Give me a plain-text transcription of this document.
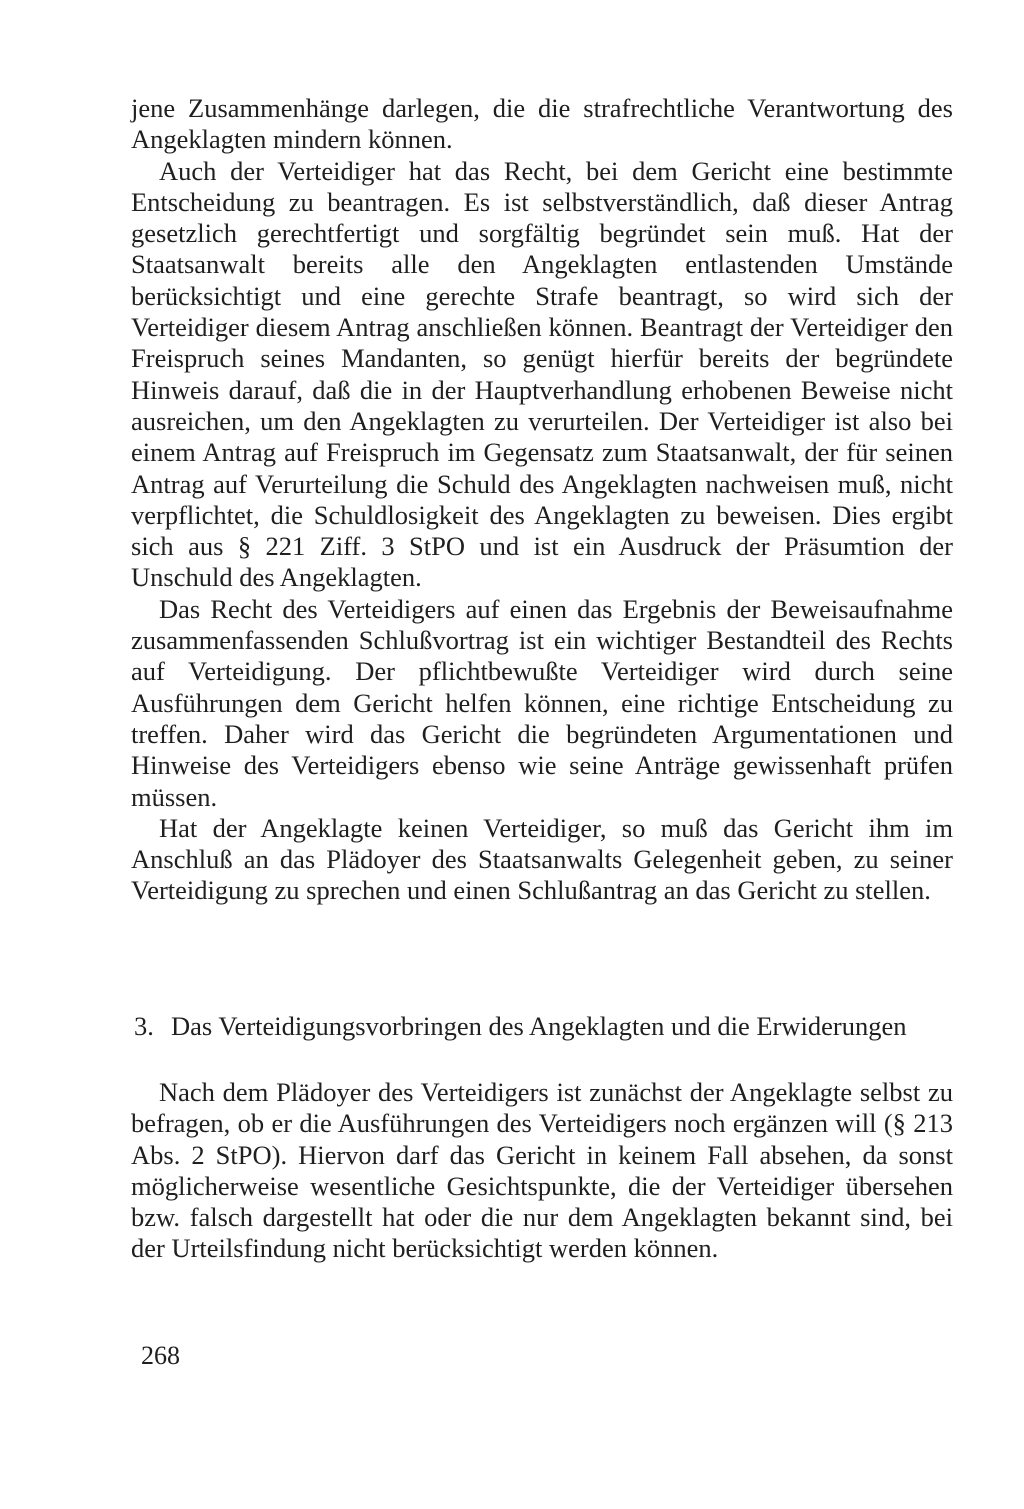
jene Zusammenhänge darlegen, die die strafrechtliche Verantwortung des Angeklagten mindern können.

Auch der Verteidiger hat das Recht, bei dem Gericht eine bestimmte Entscheidung zu beantragen. Es ist selbstverständlich, daß dieser Antrag gesetzlich gerechtfertigt und sorgfältig begründet sein muß. Hat der Staatsanwalt bereits alle den Angeklagten entlastenden Umstände berücksichtigt und eine gerechte Strafe beantragt, so wird sich der Verteidiger diesem Antrag anschließen können. Beantragt der Verteidiger den Freispruch seines Mandanten, so genügt hierfür bereits der begründete Hinweis darauf, daß die in der Hauptverhandlung erhobenen Beweise nicht ausreichen, um den Angeklagten zu verurteilen. Der Verteidiger ist also bei einem Antrag auf Freispruch im Gegensatz zum Staatsanwalt, der für seinen Antrag auf Verurteilung die Schuld des Angeklagten nachweisen muß, nicht verpflichtet, die Schuldlosigkeit des Angeklagten zu beweisen. Dies ergibt sich aus § 221 Ziff. 3 StPO und ist ein Ausdruck der Präsumtion der Unschuld des Angeklagten.

Das Recht des Verteidigers auf einen das Ergebnis der Beweisaufnahme zusammenfassenden Schlußvortrag ist ein wichtiger Bestandteil des Rechts auf Verteidigung. Der pflichtbewußte Verteidiger wird durch seine Ausführungen dem Gericht helfen können, eine richtige Entscheidung zu treffen. Daher wird das Gericht die begründeten Argumentationen und Hinweise des Verteidigers ebenso wie seine Anträge gewissenhaft prüfen müssen.

Hat der Angeklagte keinen Verteidiger, so muß das Gericht ihm im Anschluß an das Plädoyer des Staatsanwalts Gelegenheit geben, zu seiner Verteidigung zu sprechen und einen Schlußantrag an das Gericht zu stellen.

3. Das Verteidigungsvorbringen des Angeklagten und die Erwiderungen

Nach dem Plädoyer des Verteidigers ist zunächst der Angeklagte selbst zu befragen, ob er die Ausführungen des Verteidigers noch ergänzen will (§ 213 Abs. 2 StPO). Hiervon darf das Gericht in keinem Fall absehen, da sonst möglicherweise wesentliche Gesichtspunkte, die der Verteidiger übersehen bzw. falsch dargestellt hat oder die nur dem Angeklagten bekannt sind, bei der Urteilsfindung nicht berücksichtigt werden können.

268
